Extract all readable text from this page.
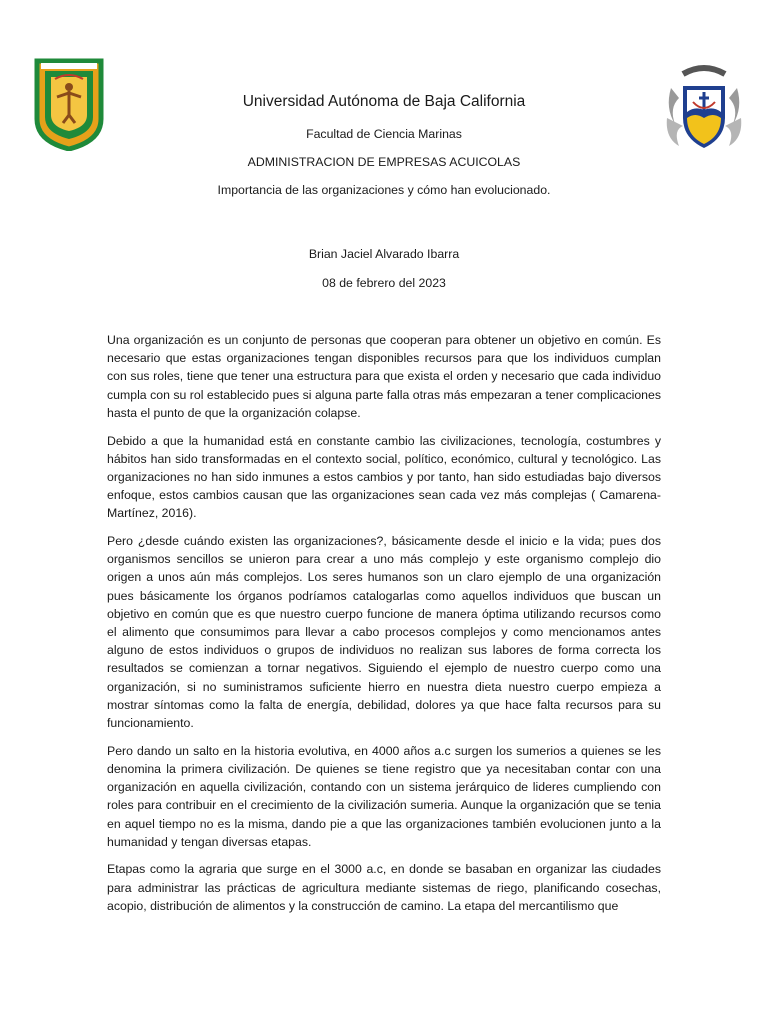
Universidad Autónoma de Baja California

Facultad de Ciencia Marinas

ADMINISTRACION DE EMPRESAS ACUICOLAS

Importancia de las organizaciones y cómo han evolucionado.

Brian Jaciel Alvarado Ibarra

08 de febrero del 2023

Una organización es un conjunto de personas que cooperan para obtener un objetivo en común. Es necesario que estas organizaciones tengan disponibles recursos para que los individuos cumplan con sus roles, tiene que tener una estructura para que exista el orden y necesario que cada individuo cumpla con su rol establecido pues si alguna parte falla otras más empezaran a tener complicaciones hasta el punto de que la organización colapse.

Debido a que la humanidad está en constante cambio las civilizaciones, tecnología, costumbres y hábitos han sido transformadas en el contexto social, político, económico, cultural y tecnológico. Las organizaciones no han sido inmunes a estos cambios y por tanto, han sido estudiadas bajo diversos enfoque, estos cambios causan que las organizaciones sean cada vez más complejas ( Camarena- Martínez, 2016).

Pero ¿desde cuándo existen las organizaciones?, básicamente desde el inicio e la vida; pues dos organismos sencillos se unieron para crear a uno más complejo y este organismo complejo dio origen a unos aún más complejos. Los seres humanos son un claro ejemplo de una organización pues básicamente los órganos podríamos catalogarlas como aquellos individuos que buscan un objetivo en común que es que nuestro cuerpo funcione de manera óptima utilizando recursos como el alimento que consumimos para llevar a cabo procesos complejos y como mencionamos antes alguno de estos individuos o grupos de individuos no realizan sus labores de forma correcta los resultados se comienzan a tornar negativos. Siguiendo el ejemplo de nuestro cuerpo como una organización, si no suministramos suficiente hierro en nuestra dieta nuestro cuerpo empieza a mostrar síntomas como la falta de energía, debilidad, dolores ya que hace falta recursos para su funcionamiento.

Pero dando un salto en la historia evolutiva, en 4000 años a.c surgen los sumerios a quienes se les denomina la primera civilización. De quienes se tiene registro que ya necesitaban contar con una organización en aquella civilización, contando con un sistema jerárquico de lideres cumpliendo con roles para contribuir en el crecimiento de la civilización sumeria. Aunque la organización que se tenia en aquel tiempo no es la misma, dando pie a que las organizaciones también evolucionen junto a la humanidad y tengan diversas etapas.

Etapas como la agraria que surge en el 3000 a.c, en donde se basaban en organizar las ciudades para administrar las prácticas de agricultura mediante sistemas de riego, planificando cosechas, acopio, distribución de alimentos y la construcción de camino. La etapa del mercantilismo que
